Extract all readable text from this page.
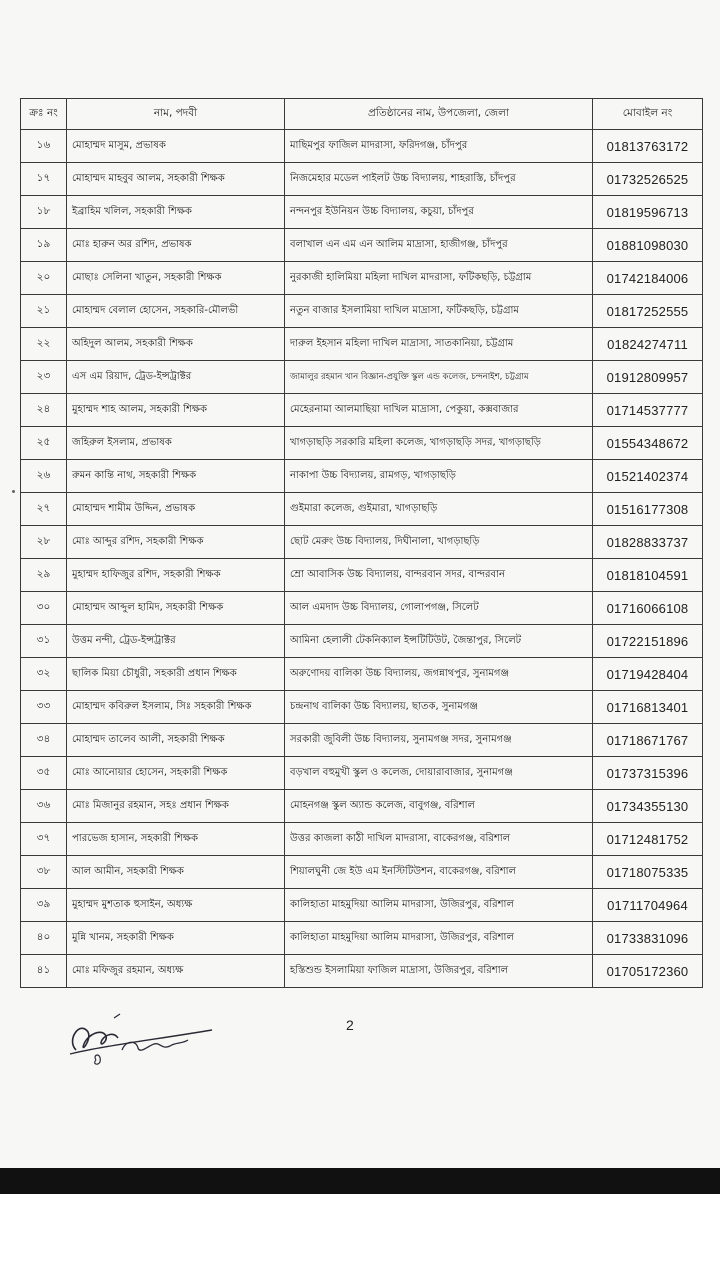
ক্রঃ নং	নাম, পদবী	প্রতিষ্ঠানের নাম, উপজেলা, জেলা	মোবাইল নং
১৬	মোহাম্মদ মাসুম, প্রভাষক	মাছিমপুর ফাজিল মাদরাসা, ফরিদগঞ্জ, চাঁদপুর	01813763172
১৭	মোহাম্মদ মাহবুব আলম, সহকারী শিক্ষক	নিজমেহার মডেল পাইলট উচ্চ বিদ্যালয়, শাহরাস্তি, চাঁদপুর	01732526525
১৮	ইব্রাহিম খলিল, সহকারী শিক্ষক	নন্দনপুর ইউনিয়ন উচ্চ বিদ্যালয়, কচুয়া, চাঁদপুর	01819596713
১৯	মোঃ হারুন অর রশিদ, প্রভাষক	বলাখাল এন এম এন আলিম মাদ্রাসা, হাজীগঞ্জ, চাঁদপুর	01881098030
২০	মোছাঃ সেলিনা খাতুন, সহকারী শিক্ষক	নুরকাজী হালিমিয়া মহিলা দাখিল মাদরাসা, ফটিকছড়ি, চট্টগ্রাম	01742184006
২১	মোহাম্মদ বেলাল হোসেন, সহকারি-মৌলভী	নতুন বাজার ইসলামিয়া দাখিল মাদ্রাসা, ফটিকছড়ি, চট্টগ্রাম	01817252555
২২	অহিদুল আলম, সহকারী শিক্ষক	দারুল ইহসান মহিলা দাখিল মাদ্রাসা, সাতকানিয়া, চট্টগ্রাম	01824274711
২৩	এস এম রিয়াদ, ট্রেড-ইন্সট্রাক্টর	জামালুর রহমান খান বিজ্ঞান-প্রযুক্তি স্কুল এন্ড কলেজ, চন্দনাইশ, চট্টগ্রাম	01912809957
২৪	মুহাম্মদ শাহ আলম, সহকারী শিক্ষক	মেহেরনামা আলমাছিয়া দাখিল মাদ্রাসা, পেকুয়া, কক্সবাজার	01714537777
২৫	জহিরুল ইসলাম, প্রভাষক	খাগড়াছড়ি সরকারি মহিলা কলেজ, খাগড়াছড়ি সদর, খাগড়াছড়ি	01554348672
২৬	রুমন কান্তি নাথ, সহকারী শিক্ষক	নাকাপা উচ্চ বিদ্যালয়, রামগড়, খাগড়াছড়ি	01521402374
২৭	মোহাম্মদ শামীম উদ্দিন, প্রভাষক	গুইমারা কলেজ, গুইমারা, খাগড়াছড়ি	01516177308
২৮	মোঃ আব্দুর রশিদ, সহকারী শিক্ষক	ছোট মেরুং উচ্চ বিদ্যালয়, দিঘীনালা, খাগড়াছড়ি	01828833737
২৯	মুহাম্মদ হাফিজুর রশিদ, সহকারী শিক্ষক	ম্রো আবাসিক উচ্চ বিদ্যালয়, বান্দরবান সদর, বান্দরবান	01818104591
৩০	মোহাম্মদ আব্দুল হামিদ, সহকারী শিক্ষক	আল এমদাদ উচ্চ বিদ্যালয়, গোলাপগঞ্জ, সিলেট	01716066108
৩১	উত্তম নন্দী, ট্রেড-ইন্সট্রাক্টর	আমিনা হেলালী টেকনিক্যাল ইন্সটিটিউট, জৈন্তাপুর, সিলেট	01722151896
৩২	ছালিক মিয়া চৌধুরী, সহকারী প্রধান শিক্ষক	অরুণোদয় বালিকা উচ্চ বিদ্যালয়, জগন্নাথপুর, সুনামগঞ্জ	01719428404
৩৩	মোহাম্মদ কবিরুল ইসলাম, সিঃ সহকারী শিক্ষক	চন্দ্রনাথ বালিকা উচ্চ বিদ্যালয়, ছাতক, সুনামগঞ্জ	01716813401
৩৪	মোহাম্মদ তালেব আলী, সহকারী শিক্ষক	সরকারী জুবিলী উচ্চ বিদ্যালয়, সুনামগঞ্জ সদর, সুনামগঞ্জ	01718671767
৩৫	মোঃ আনোয়ার হোসেন, সহকারী শিক্ষক	বড়খাল বহুমুখী স্কুল ও কলেজ, দোয়ারাবাজার, সুনামগঞ্জ	01737315396
৩৬	মোঃ মিজানুর রহমান, সহঃ প্রধান শিক্ষক	মোহনগঞ্জ স্কুল অ্যান্ড কলেজ, বাবুগঞ্জ, বরিশাল	01734355130
৩৭	পারভেজ হাসান, সহকারী শিক্ষক	উত্তর কাজলা কাঠী দাখিল মাদরাসা, বাকেরগঞ্জ, বরিশাল	01712481752
৩৮	আল আমীন, সহকারী শিক্ষক	শিয়ালঘুনী জে ইউ এম ইনস্টিটিউশন, বাকেরগঞ্জ, বরিশাল	01718075335
৩৯	মুহাম্মদ মুশতাক হুসাইন, অধ্যক্ষ	কালিহাতা মাহমুদিয়া আলিম মাদরাসা, উজিরপুর, বরিশাল	01711704964
৪০	মুন্নি খানম, সহকারী শিক্ষক	কালিহাতা মাহমুদিয়া আলিম মাদরাসা, উজিরপুর, বরিশাল	01733831096
৪১	মোঃ মফিজুর রহমান, অধ্যক্ষ	হস্তিশুন্ড ইসলামিয়া ফাজিল মাদ্রাসা, উজিরপুর, বরিশাল	01705172360
2
